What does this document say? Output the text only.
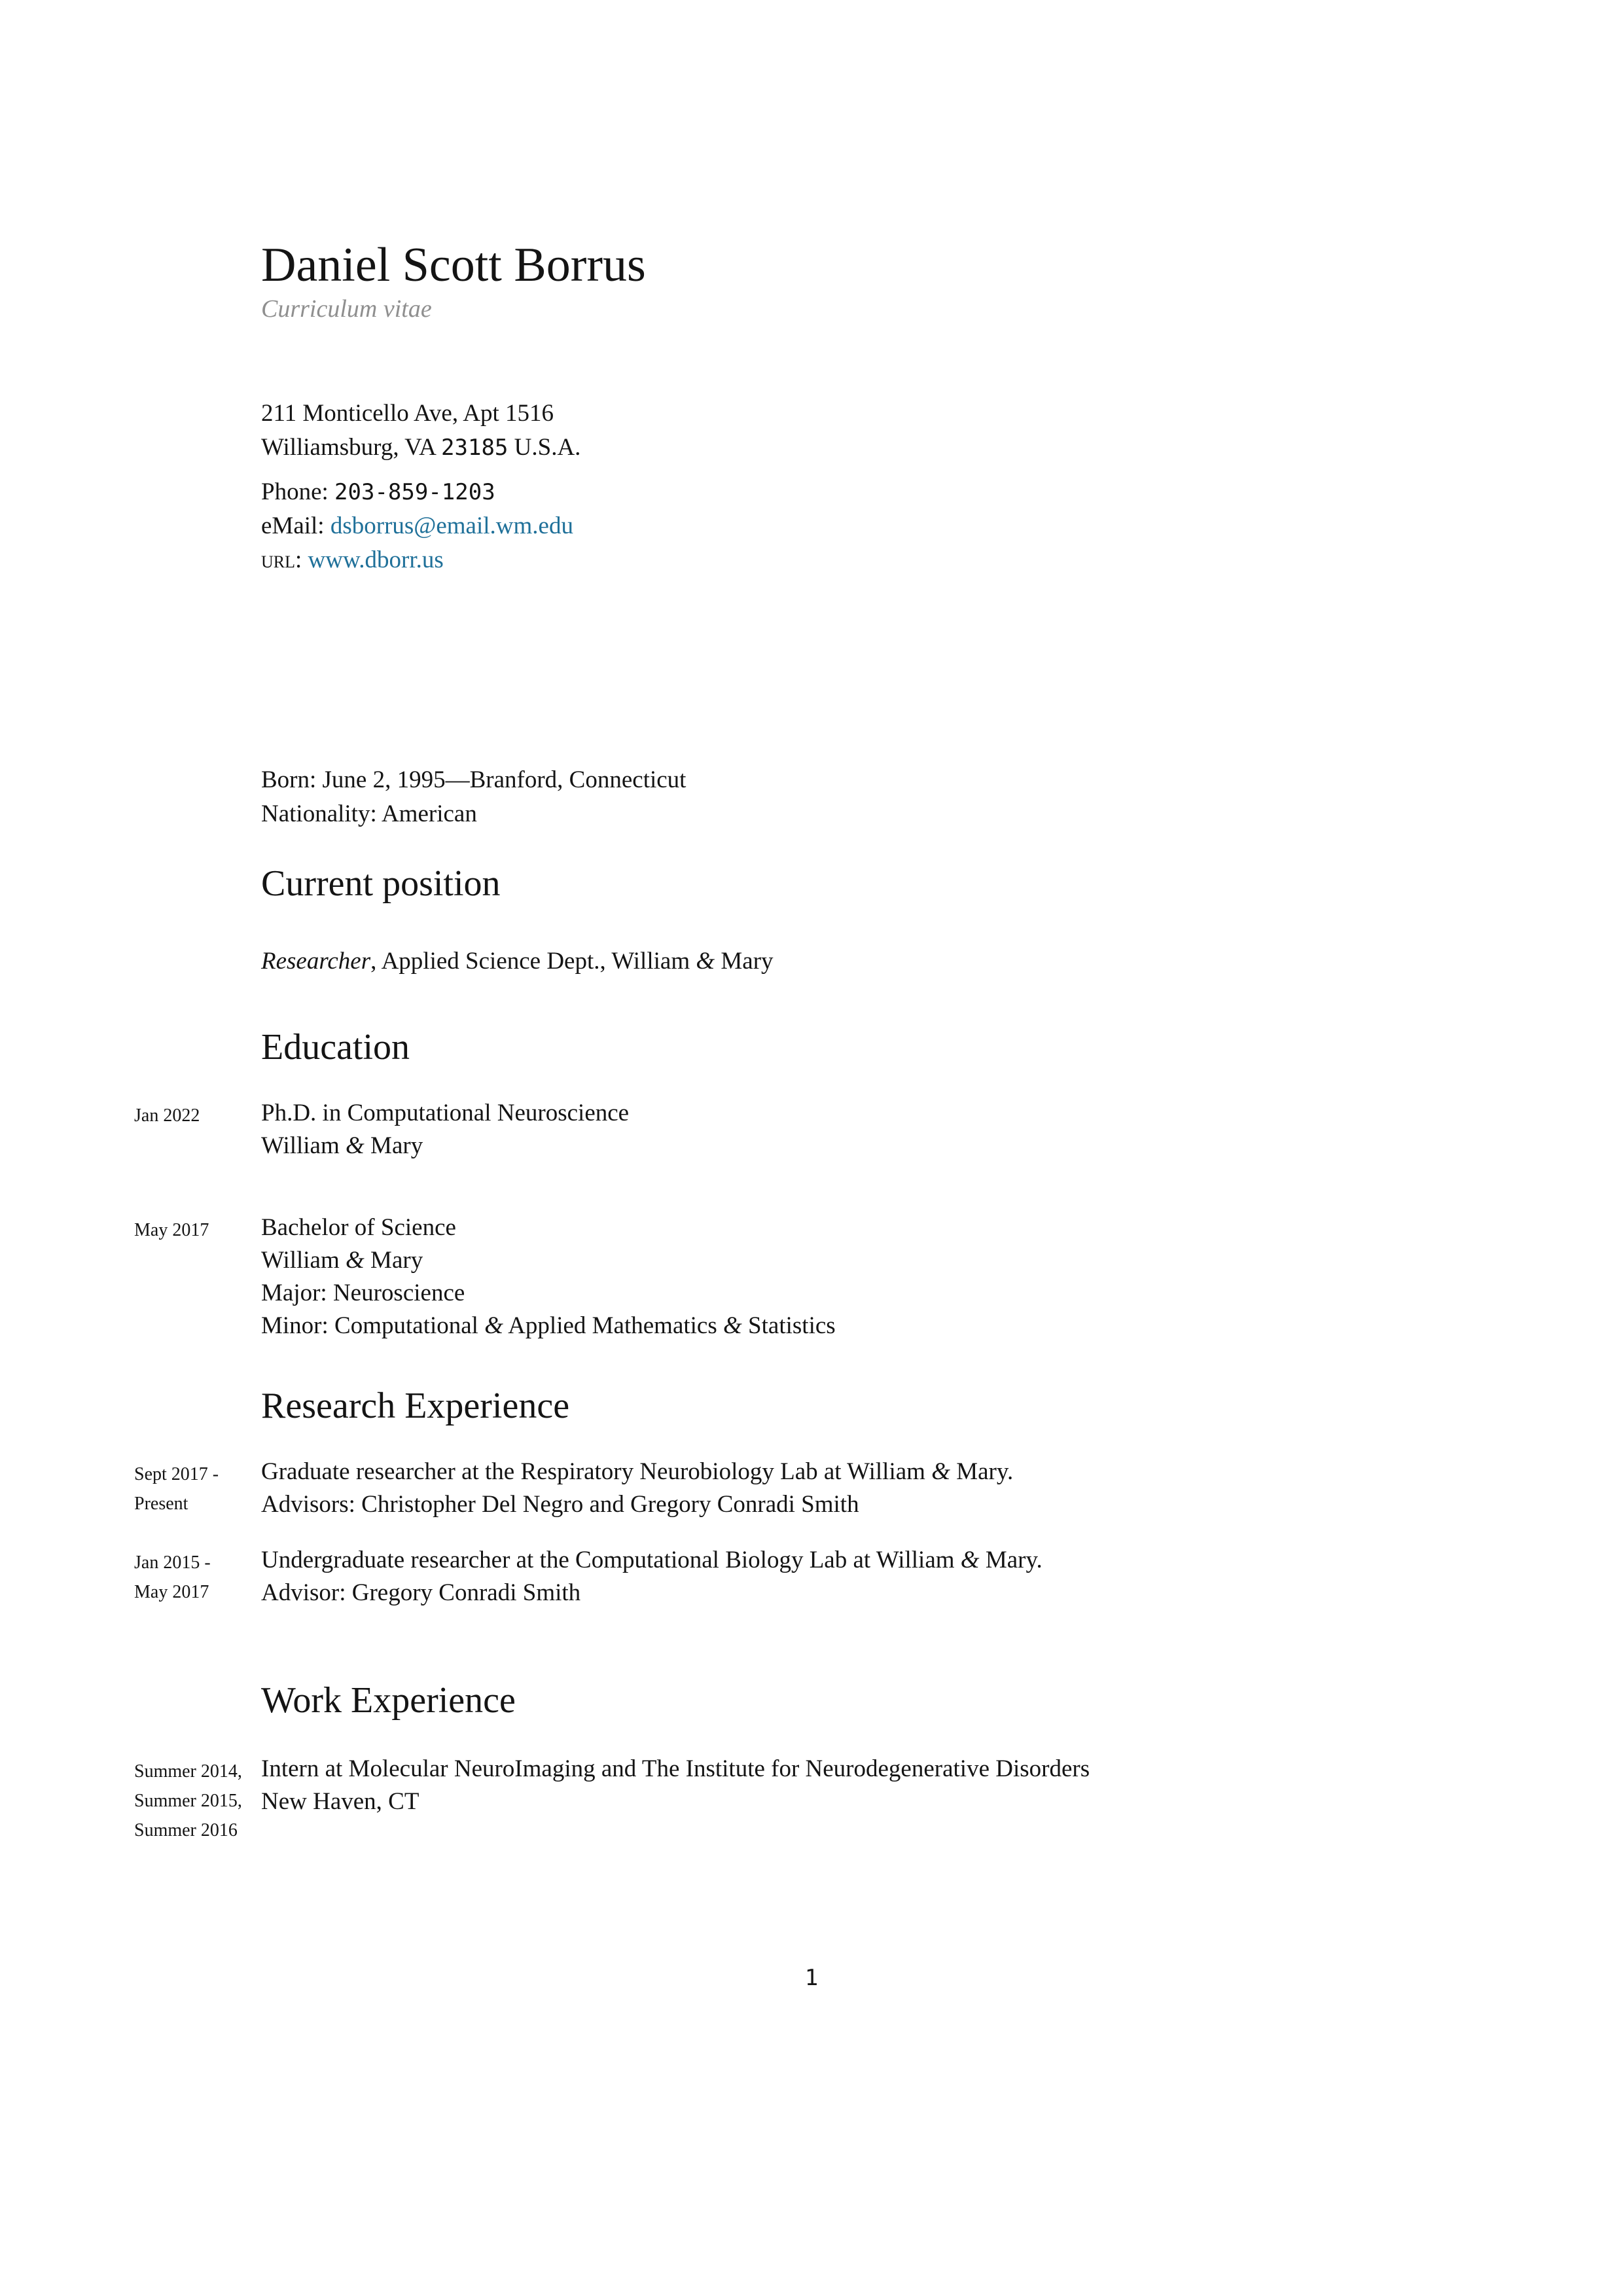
Daniel Scott Borrus
Curriculum vitae
211 Monticello Ave, Apt 1516
Williamsburg, VA 23185 U.S.A.
Phone: 203-859-1203
eMail: dsborrus@email.wm.edu
url: www.dborr.us
Born: June 2, 1995—Branford, Connecticut
Nationality: American
Current position
Researcher, Applied Science Dept., William & Mary
Education
Jan 2022	Ph.D. in Computational Neuroscience
William & Mary
May 2017	Bachelor of Science
William & Mary
Major: Neuroscience
Minor: Computational & Applied Mathematics & Statistics
Research Experience
Sept 2017 -
Present
Graduate researcher at the Respiratory Neurobiology Lab at William & Mary.
Advisors: Christopher Del Negro and Gregory Conradi Smith
Jan 2015 -
May 2017
Undergraduate researcher at the Computational Biology Lab at William & Mary.
Advisor: Gregory Conradi Smith
Work Experience
Summer 2014,
Summer 2015,
Summer 2016
Intern at Molecular NeuroImaging and The Institute for Neurodegenerative Disorders
New Haven, CT
1
